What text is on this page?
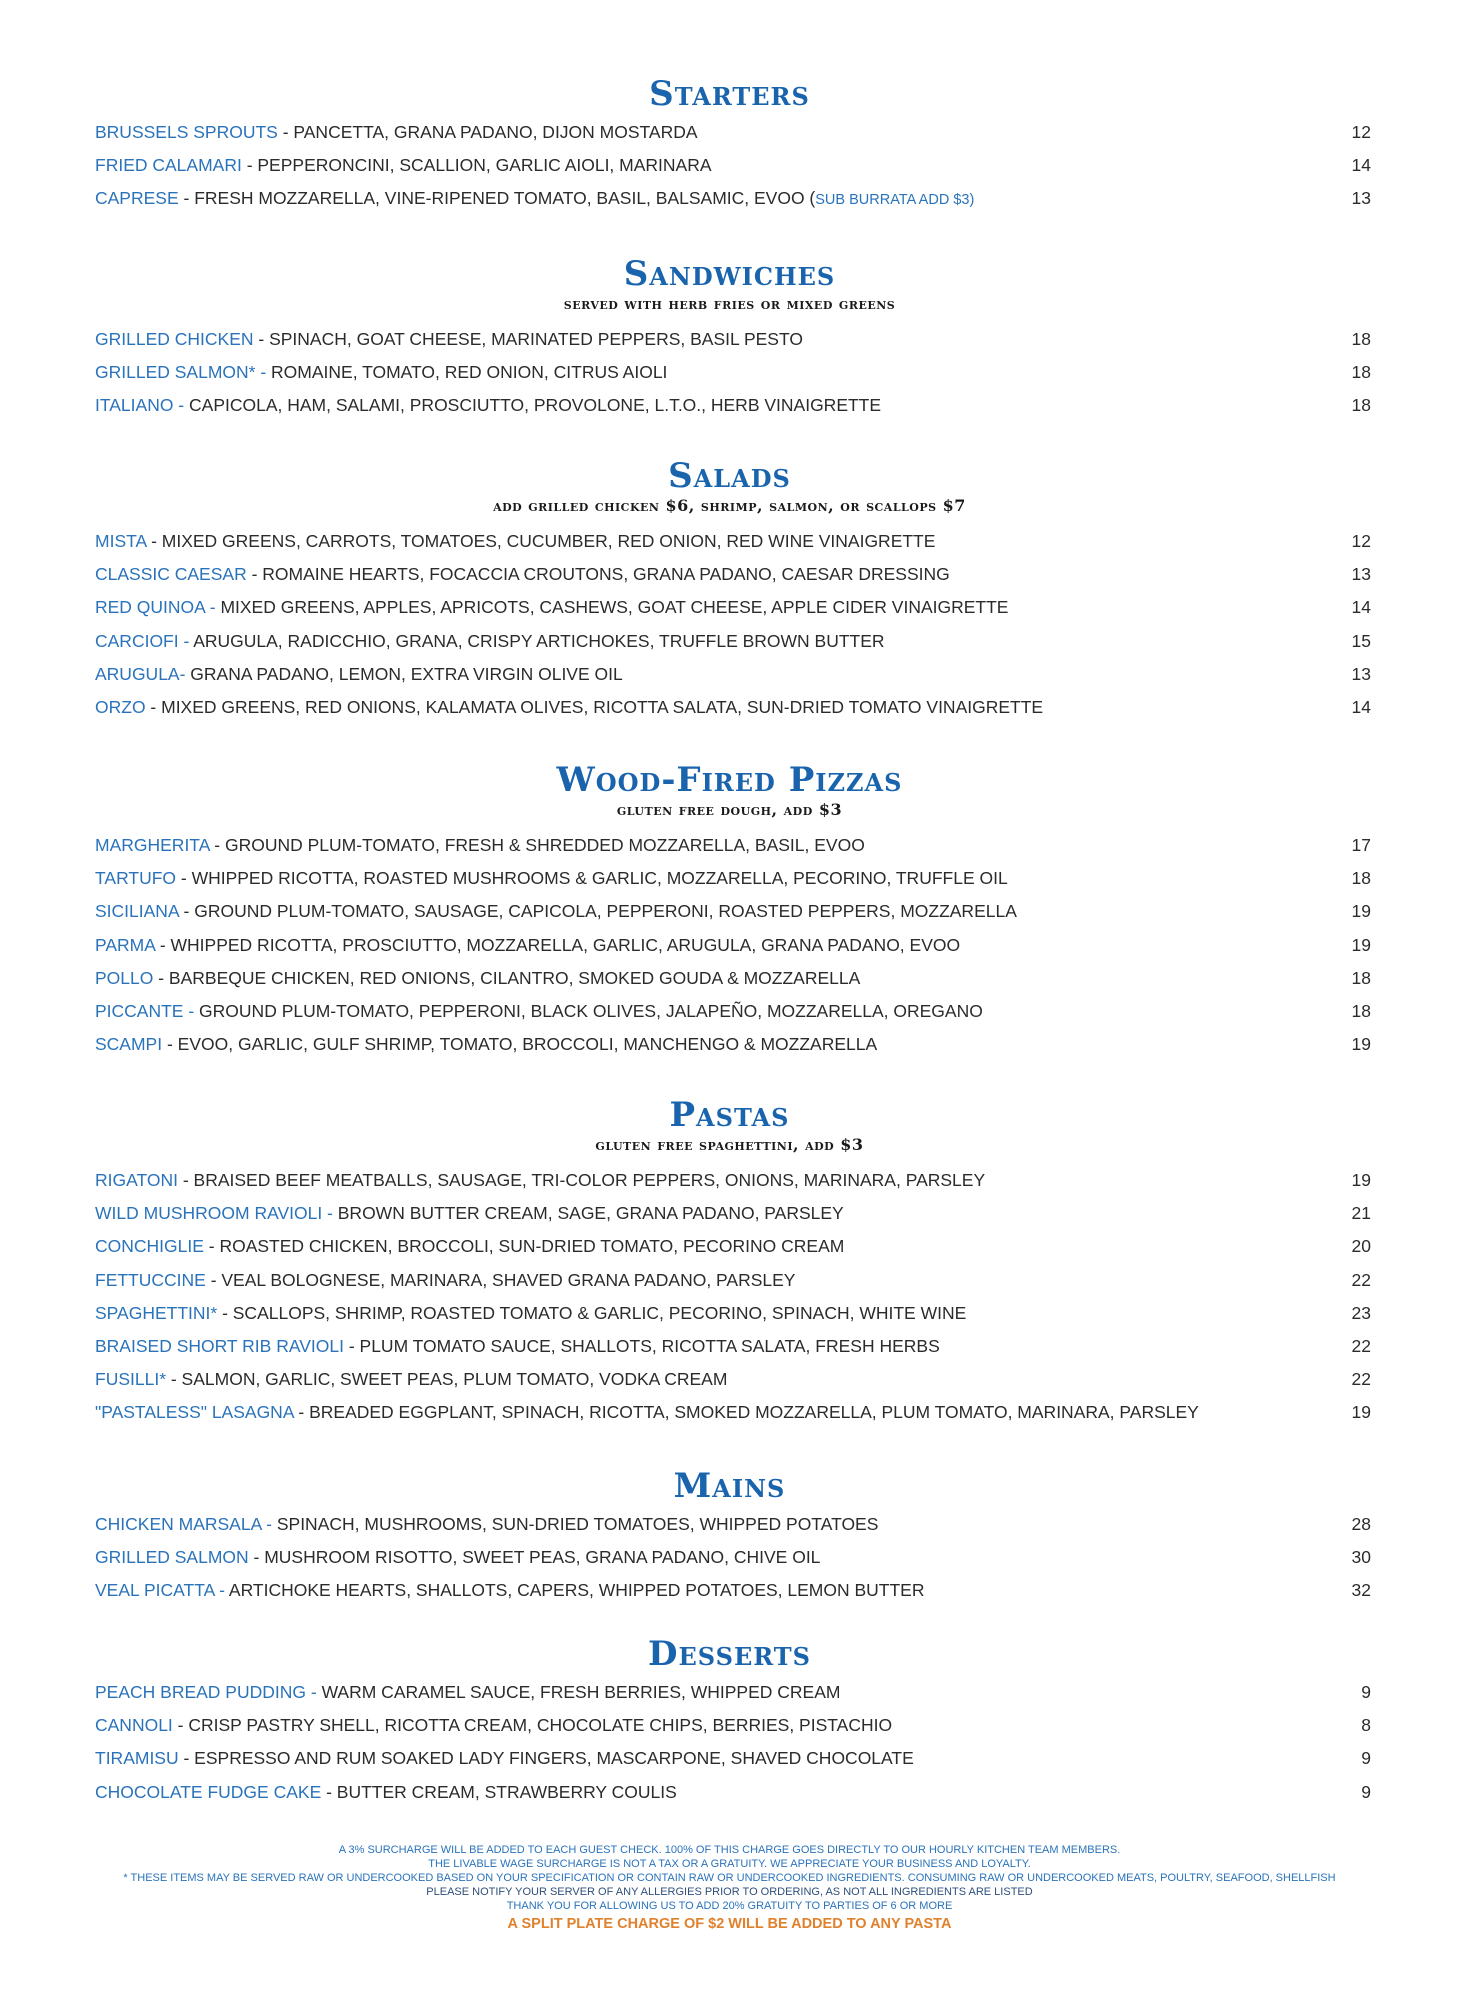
Starters
BRUSSELS SPROUTS - PANCETTA, GRANA PADANO, DIJON MOSTARDA	12
FRIED CALAMARI - PEPPERONCINI, SCALLION, GARLIC AIOLI, MARINARA	14
CAPRESE - FRESH MOZZARELLA, VINE-RIPENED TOMATO, BASIL, BALSAMIC, EVOO (SUB BURRATA ADD $3)	13
Sandwiches

served with herb fries or mixed greens

GRILLED CHICKEN - SPINACH, GOAT CHEESE, MARINATED PEPPERS, BASIL PESTO	18
GRILLED SALMON* - ROMAINE, TOMATO, RED ONION, CITRUS AIOLI	18
ITALIANO - CAPICOLA, HAM, SALAMI, PROSCIUTTO, PROVOLONE, L.T.O., HERB VINAIGRETTE	18
Salads

add grilled chicken $6, shrimp, salmon, or scallops $7

MISTA - MIXED GREENS, CARROTS, TOMATOES, CUCUMBER, RED ONION, RED WINE VINAIGRETTE	12
CLASSIC CAESAR - ROMAINE HEARTS, FOCACCIA CROUTONS, GRANA PADANO, CAESAR DRESSING	13
RED QUINOA - MIXED GREENS, APPLES, APRICOTS, CASHEWS, GOAT CHEESE, APPLE CIDER VINAIGRETTE	14
CARCIOFI - ARUGULA, RADICCHIO, GRANA, CRISPY ARTICHOKES, TRUFFLE BROWN BUTTER	15
ARUGULA- GRANA PADANO, LEMON, EXTRA VIRGIN OLIVE OIL	13
ORZO - MIXED GREENS, RED ONIONS, KALAMATA OLIVES, RICOTTA SALATA, SUN-DRIED TOMATO VINAIGRETTE	14
Wood-Fired Pizzas

gluten free dough, add $3

MARGHERITA - GROUND PLUM-TOMATO, FRESH & SHREDDED MOZZARELLA, BASIL, EVOO	17
TARTUFO - WHIPPED RICOTTA, ROASTED MUSHROOMS & GARLIC, MOZZARELLA, PECORINO, TRUFFLE OIL	18
SICILIANA - GROUND PLUM-TOMATO, SAUSAGE, CAPICOLA, PEPPERONI, ROASTED PEPPERS, MOZZARELLA	19
PARMA - WHIPPED RICOTTA, PROSCIUTTO, MOZZARELLA, GARLIC, ARUGULA, GRANA PADANO, EVOO	19
POLLO - BARBEQUE CHICKEN, RED ONIONS, CILANTRO, SMOKED GOUDA & MOZZARELLA	18
PICCANTE - GROUND PLUM-TOMATO, PEPPERONI, BLACK OLIVES, JALAPEÑO, MOZZARELLA, OREGANO	18
SCAMPI - EVOO, GARLIC, GULF SHRIMP, TOMATO, BROCCOLI, MANCHENGO & MOZZARELLA	19
Pastas

gluten free spaghettini, add $3

RIGATONI - BRAISED BEEF MEATBALLS, SAUSAGE, TRI-COLOR PEPPERS, ONIONS, MARINARA, PARSLEY	19
WILD MUSHROOM RAVIOLI - BROWN BUTTER CREAM, SAGE, GRANA PADANO, PARSLEY	21
CONCHIGLIE - ROASTED CHICKEN, BROCCOLI, SUN-DRIED TOMATO, PECORINO CREAM	20
FETTUCCINE - VEAL BOLOGNESE, MARINARA, SHAVED GRANA PADANO, PARSLEY	22
SPAGHETTINI* - SCALLOPS, SHRIMP, ROASTED TOMATO & GARLIC, PECORINO, SPINACH, WHITE WINE	23
BRAISED SHORT RIB RAVIOLI - PLUM TOMATO SAUCE, SHALLOTS, RICOTTA SALATA, FRESH HERBS	22
FUSILLI* - SALMON, GARLIC, SWEET PEAS, PLUM TOMATO, VODKA CREAM	22
"PASTALESS" LASAGNA - BREADED EGGPLANT, SPINACH, RICOTTA, SMOKED MOZZARELLA, PLUM TOMATO, MARINARA, PARSLEY	19
Mains
CHICKEN MARSALA - SPINACH, MUSHROOMS, SUN-DRIED TOMATOES, WHIPPED POTATOES	28
GRILLED SALMON - MUSHROOM RISOTTO, SWEET PEAS, GRANA PADANO, CHIVE OIL	30
VEAL PICATTA - ARTICHOKE HEARTS, SHALLOTS, CAPERS, WHIPPED POTATOES, LEMON BUTTER	32
Desserts
PEACH BREAD PUDDING - WARM CARAMEL SAUCE, FRESH BERRIES, WHIPPED CREAM	9
CANNOLI - CRISP PASTRY SHELL, RICOTTA CREAM, CHOCOLATE CHIPS, BERRIES, PISTACHIO	8
TIRAMISU - ESPRESSO AND RUM SOAKED LADY FINGERS, MASCARPONE, SHAVED CHOCOLATE	9
CHOCOLATE FUDGE CAKE - BUTTER CREAM, STRAWBERRY COULIS	9
A 3% SURCHARGE WILL BE ADDED TO EACH GUEST CHECK. 100% OF THIS CHARGE GOES DIRECTLY TO OUR HOURLY KITCHEN TEAM MEMBERS.
THE LIVABLE WAGE SURCHARGE IS NOT A TAX OR A GRATUITY. WE APPRECIATE YOUR BUSINESS AND LOYALTY.
* THESE ITEMS MAY BE SERVED RAW OR UNDERCOOKED BASED ON YOUR SPECIFICATION OR CONTAIN RAW OR UNDERCOOKED INGREDIENTS. CONSUMING RAW OR UNDERCOOKED MEATS, POULTRY, SEAFOOD, SHELLFISH
PLEASE NOTIFY YOUR SERVER OF ANY ALLERGIES PRIOR TO ORDERING, AS NOT ALL INGREDIENTS ARE LISTED
THANK YOU FOR ALLOWING US TO ADD 20% GRATUITY TO PARTIES OF 6 OR MORE
A SPLIT PLATE CHARGE OF $2 WILL BE ADDED TO ANY PASTA
